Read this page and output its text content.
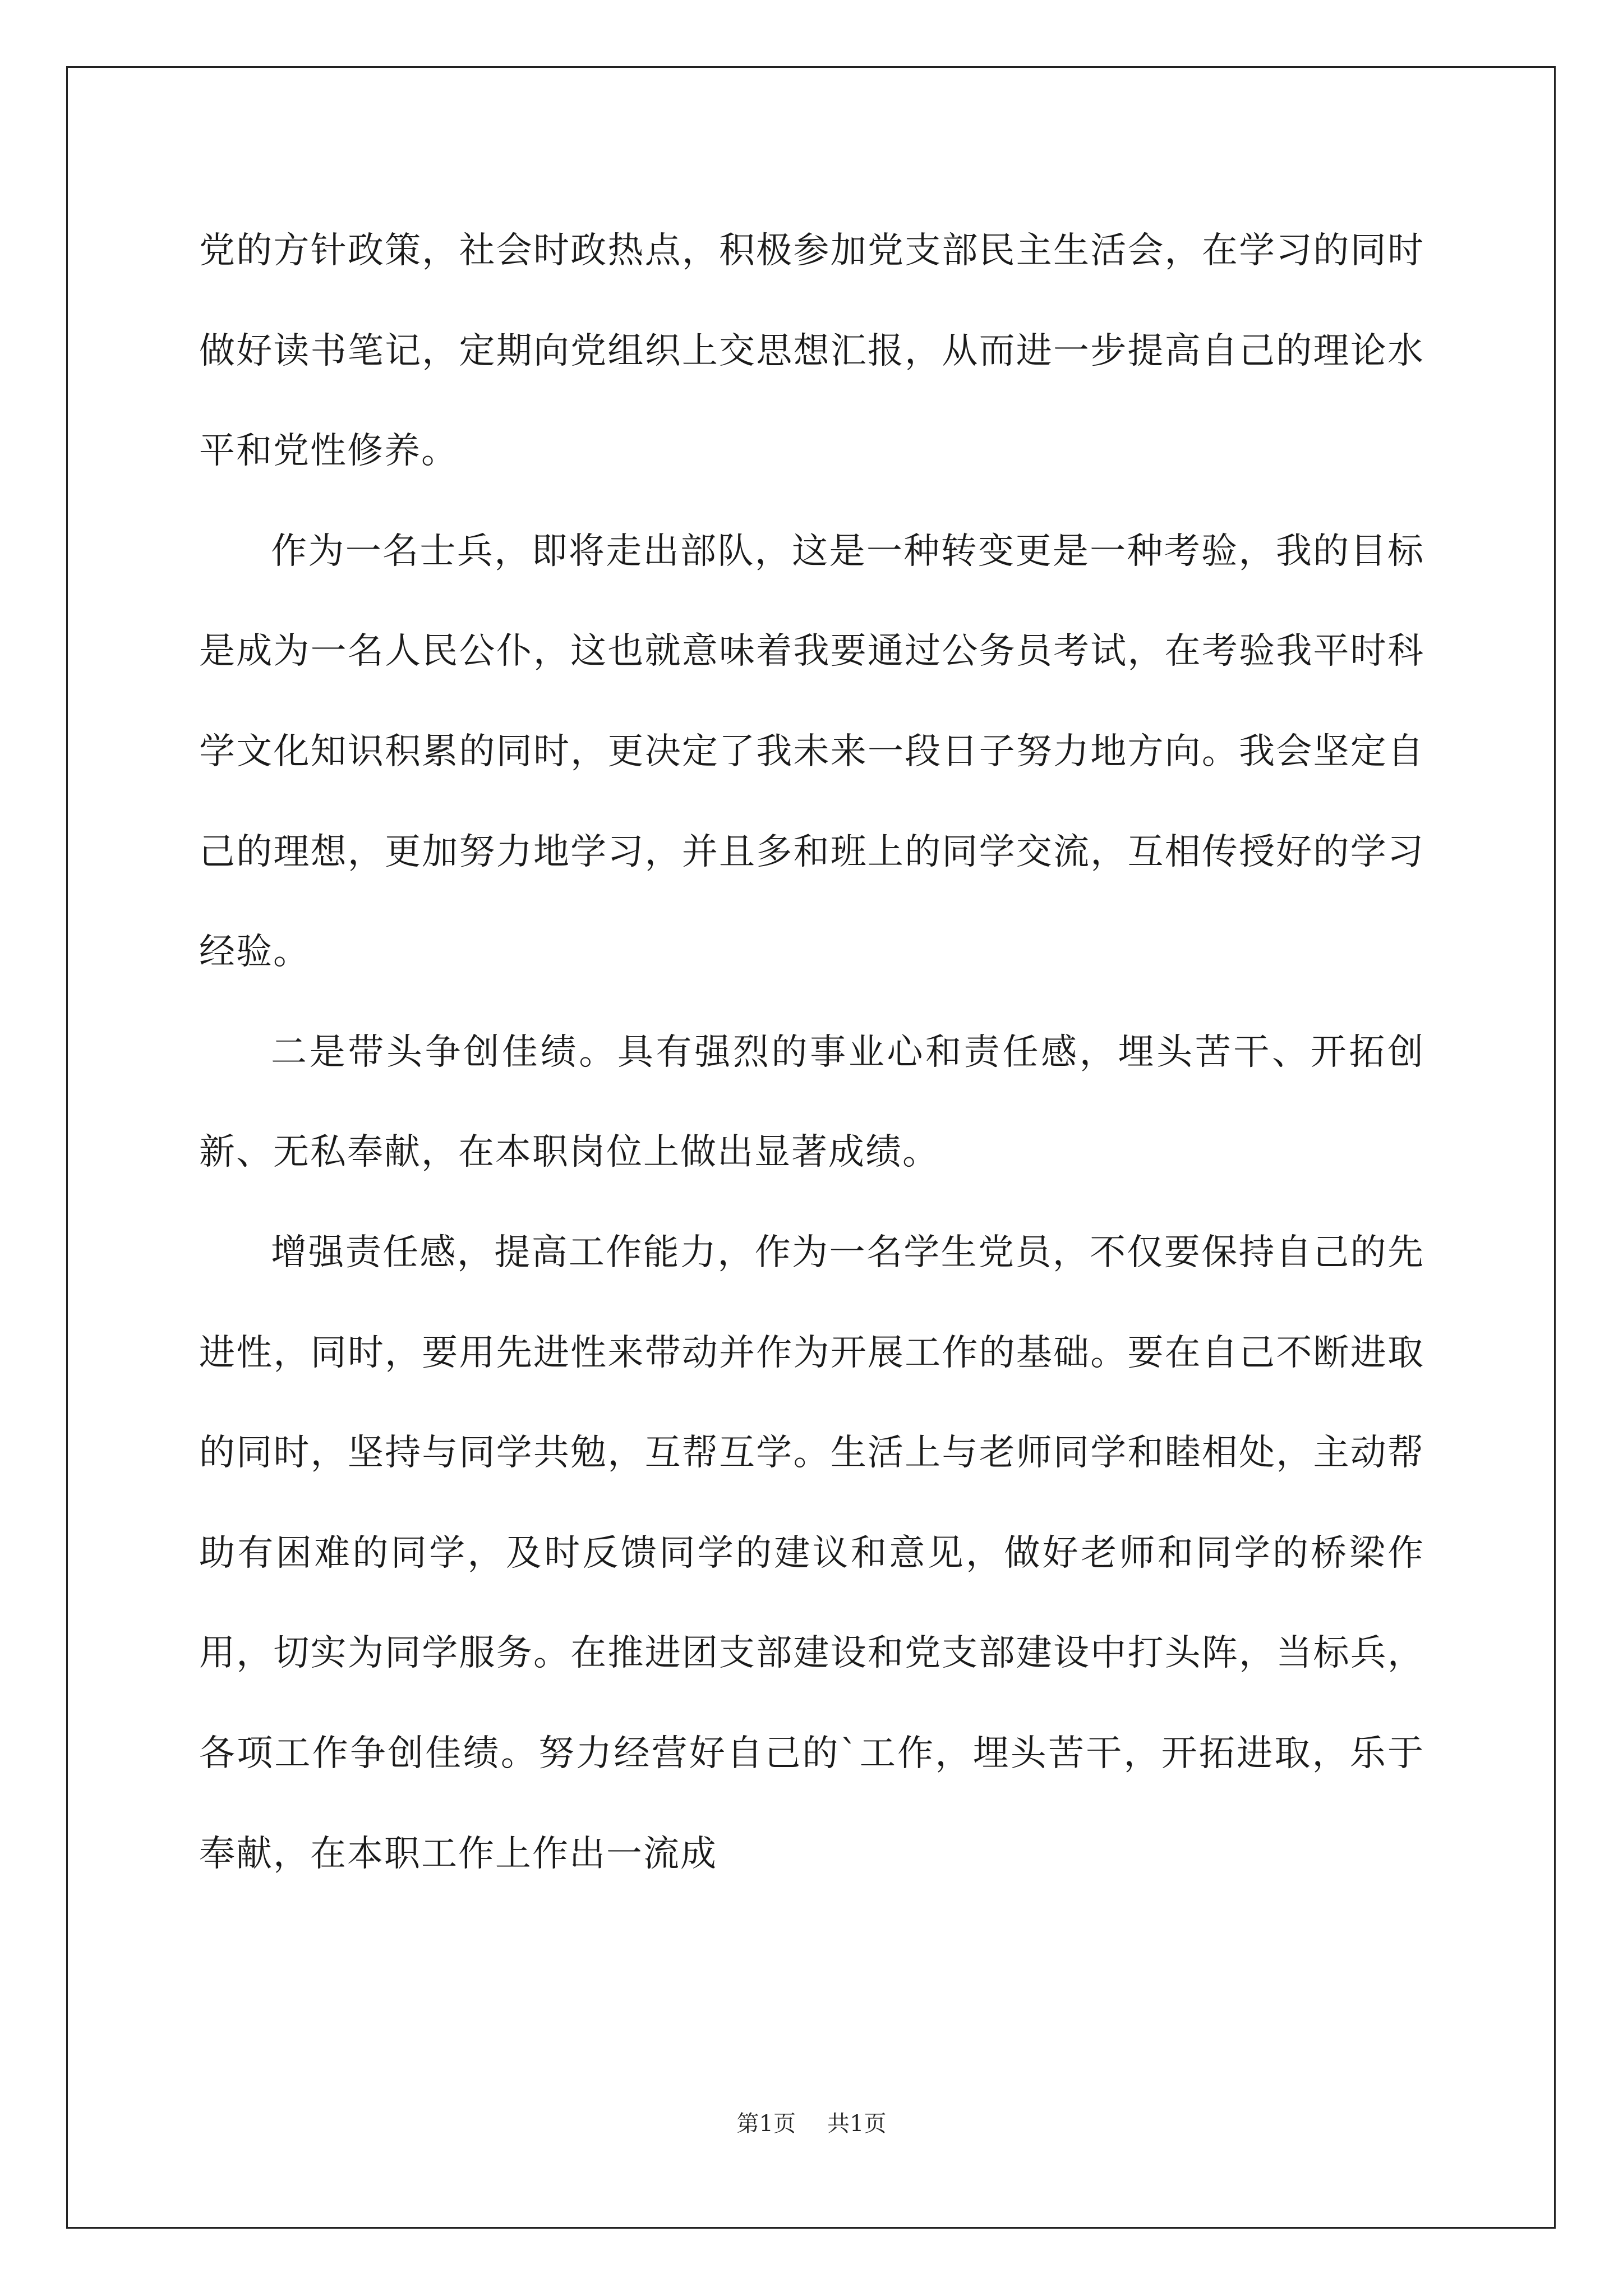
党的方针政策，社会时政热点，积极参加党支部民主生活会，在学习的同时做好读书笔记，定期向党组织上交思想汇报，从而进一步提高自己的理论水平和党性修养。

作为一名士兵，即将走出部队，这是一种转变更是一种考验，我的目标是成为一名人民公仆，这也就意味着我要通过公务员考试，在考验我平时科学文化知识积累的同时，更决定了我未来一段日子努力地方向。我会坚定自己的理想，更加努力地学习，并且多和班上的同学交流，互相传授好的学习经验。

二是带头争创佳绩。具有强烈的事业心和责任感，埋头苦干、开拓创新、无私奉献，在本职岗位上做出显著成绩。

增强责任感，提高工作能力，作为一名学生党员，不仅要保持自己的先进性，同时，要用先进性来带动并作为开展工作的基础。要在自己不断进取的同时，坚持与同学共勉，互帮互学。生活上与老师同学和睦相处，主动帮助有困难的同学，及时反馈同学的建议和意见，做好老师和同学的桥梁作用，切实为同学服务。在推进团支部建设和党支部建设中打头阵，当标兵，各项工作争创佳绩。努力经营好自己的`工作，埋头苦干，开拓进取，乐于奉献，在本职工作上作出一流成

第1页 共1页
